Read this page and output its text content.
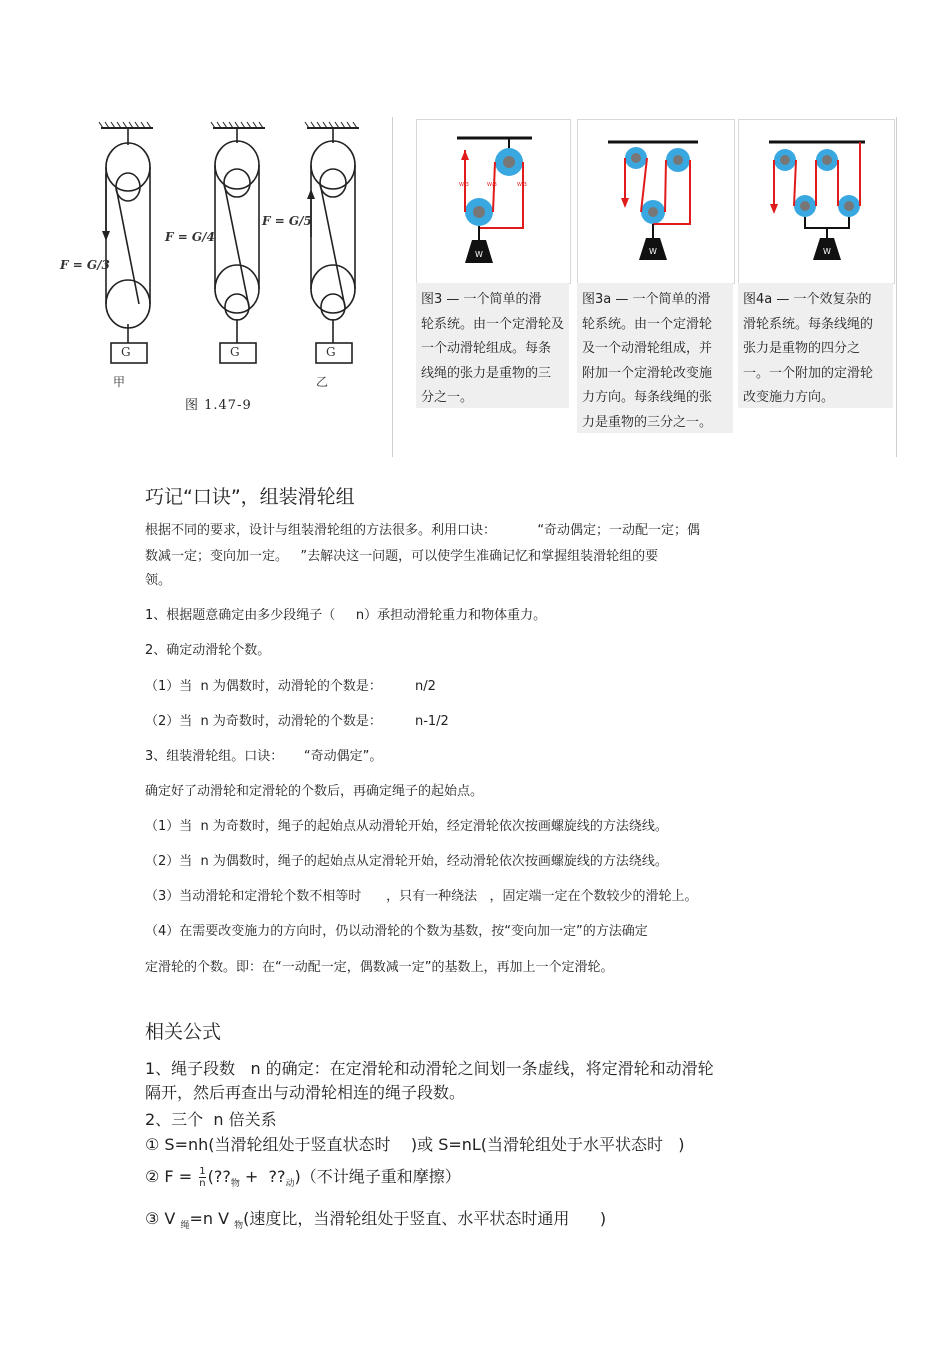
F = G/3
F = G/4
F = G/5
G	G	G
甲	乙
图 1.47-9
W
W/3	W/3	W/3
W	W
图3 — 一个简单的滑
轮系统。由一个定滑轮及
一个动滑轮组成。每条
线绳的张力是重物的三
分之一。
图3a — 一个简单的滑
轮系统。由一个定滑轮
及一个动滑轮组成，并
附加一个定滑轮改变施
力方向。每条线绳的张
力是重物的三分之一。
图4a — 一个效复杂的
滑轮系统。每条线绳的
张力是重物的四分之
一。一个附加的定滑轮
改变施力方向。
巧记“口诀”，组装滑轮组
根据不同的要求，设计与组装滑轮组的方法很多。利用口诀：          “奇动偶定；一动配一定；偶
数减一定；变向加一定。   ”去解决这一问题，可以使学生准确记忆和掌握组装滑轮组的要
领。
1、根据题意确定由多少段绳子（     n）承担动滑轮重力和物体重力。
2、确定动滑轮个数。
（1）当  n 为偶数时，动滑轮的个数是：        n/2
（2）当  n 为奇数时，动滑轮的个数是：        n-1/2
3、组装滑轮组。口诀：     “奇动偶定”。
确定好了动滑轮和定滑轮的个数后，再确定绳子的起始点。
（1）当  n 为奇数时，绳子的起始点从动滑轮开始，经定滑轮依次按画螺旋线的方法绕线。
（2）当  n 为偶数时，绳子的起始点从定滑轮开始，经动滑轮依次按画螺旋线的方法绕线。
（3）当动滑轮和定滑轮个数不相等时      ，只有一种绕法   ，固定端一定在个数较少的滑轮上。
（4）在需要改变施力的方向时，仍以动滑轮的个数为基数，按“变向加一定”的方法确定
定滑轮的个数。即：在“一动配一定，偶数减一定”的基数上，再加上一个定滑轮。
相关公式
1、绳子段数   n 的确定：在定滑轮和动滑轮之间划一条虚线，将定滑轮和动滑轮
隔开，然后再查出与动滑轮相连的绳子段数。
2、三个  n 倍关系
① S=nh(当滑轮组处于竖直状态时    )或 S=nL(当滑轮组处于水平状态时   )
② $F = \frac{1}{n}$ ($??_物$ +  $??_动$)（不计绳子重和摩擦）
③ V $_绳$=n V $_物$(速度比，当滑轮组处于竖直、水平状态时通用      )
